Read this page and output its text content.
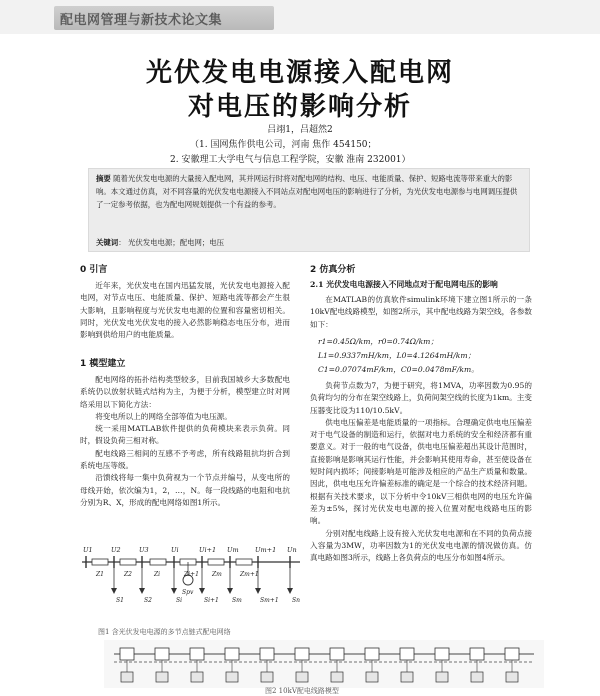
配电网管理与新技术论文集
光伏发电电源接入配电网
对电压的影响分析
吕翊1，吕超然2
（1. 国网焦作供电公司，河南 焦作 454150；
2. 安徽理工大学电气与信息工程学院，安徽 淮南 232001）
摘要 随着光伏发电电源的大量接入配电网，其并网运行时将对配电网的结构、电压、电能质量、保护、短路电流等带来重大的影响。本文通过仿真，对不同容量的光伏发电电源接入不同站点对配电网电压的影响进行了分析，为光伏发电电源参与电网调压提供了一定参考依据，也为配电网规划提供一个有益的参考。
关键词： 光伏发电电源；配电网；电压
0 引言

近年来，光伏发电在国内迅猛发展，光伏发电电源接入配电网，对节点电压、电能质量、保护、短路电流等都会产生很大影响，且影响程度与光伏发电电源的位置和容量密切相关。同时，光伏发电光伏发电的接入必然影响稳态电压分布，进而影响到供给用户的电能质量。

1 模型建立

配电网络的拓扑结构类型较多，目前我国城乡大多数配电系统仍以放射状链式结构为主，为便于分析，模型建立时对网络采用以下简化方法：

将变电所以上的网络全部等值为电压源。

统一采用MATLAB软件提供的负荷模块来表示负荷。同时，假设负荷三相对称。

配电线路三相间的互感不予考虑，所有线路阻抗均折合到系统电压等级。

沿馈线将每一集中负荷视为一个节点并编号，从变电所的母线开始，依次编为1，2，…，N。每一段线路的电阻和电抗分别为R、X，形成的配电网络如图1所示。

U1	U2	U3	Ui	Ui+1 Um	Um+1 Un
Z1	Z2	Zi	Zi+1 Zm	Zm+1
S1	S2	Si	Si+1 Sm	Sm+1 Sn
Spv
图1 含光伏发电电源的多节点链式配电网络
2 仿真分析
2.1 光伏发电电源接入不同地点对于配电网电压的影响

在MATLAB的仿真软件simulink环境下建立图1所示的一条10kV配电线路模型，如图2所示，其中配电线路为架空线，各参数如下：

r1=0.45Ω/km，r0=0.74Ω/km；
L1=0.9337mH/km，L0=4.1264mH/km；
C1=0.07074mF/km，C0=0.0478mF/km。

负荷节点数为7，为便于研究，将1MVA，功率因数为0.95的负荷均匀的分布在架空线路上，负荷间架空线的长度为1km。主变压器变比设为110/10.5kV。

供电电压偏差是电能质量的一项指标。合理确定供电电压偏差对于电气设备的制造和运行，依据对电力系统的安全和经济都有重要意义。对于一般的电气设备，供电电压偏差超出其设计范围时，直接影响是影响其运行性能，并会影响其使用寿命，甚至使设备在短时间内损坏；间接影响是可能涉及相应的产品生产质量和数量。因此，供电电压允许偏差标准的确定是一个综合的技术经济问题。根据有关技术要求，以下分析中令10kV三相供电网的电压允许偏差为±5%，探讨光伏发电电源的接入位置对配电线路电压的影响。

分别对配电线路上设有接入光伏发电电源和在不同的负荷点接入容量为3MW，功率因数为1的光伏发电电源的情况做仿真。仿真电路如图3所示，线路上各负荷点的电压分布如图4所示。

图2 10kV配电线路模型
